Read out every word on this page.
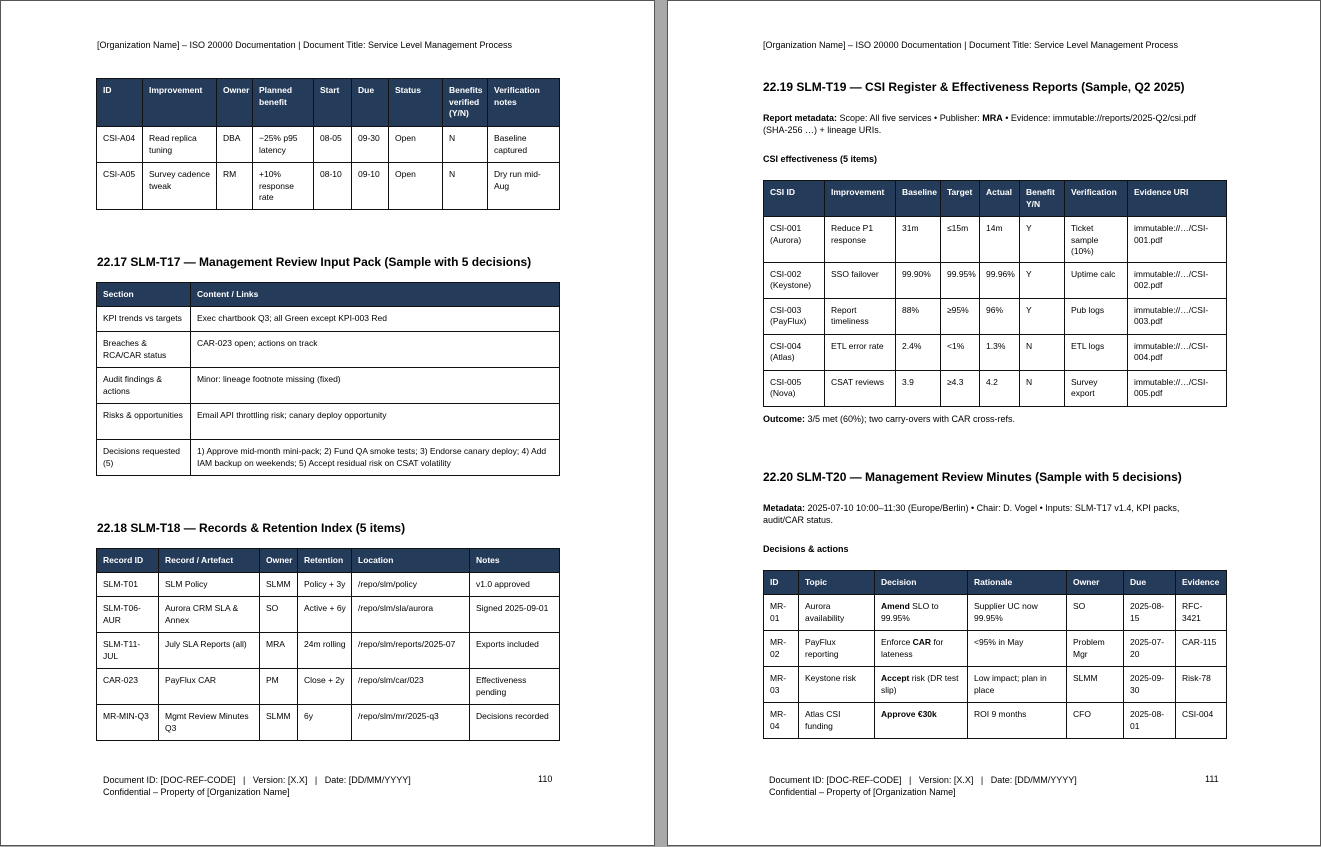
[Organization Name] – ISO 20000 Documentation | Document Title: Service Level Management Process
ID	Improvement	Owner	Planned benefit	Start	Due	Status	Benefits verified (Y/N)	Verification notes
CSI-A04	Read replica tuning	DBA	−25% p95 latency	08-05	09-30	Open	N	Baseline captured
CSI-A05	Survey cadence tweak	RM	+10% response rate	08-10	09-10	Open	N	Dry run mid-Aug
22.17 SLM-T17 — Management Review Input Pack (Sample with 5 decisions)
Section	Content / Links
KPI trends vs targets	Exec chartbook Q3; all Green except KPI-003 Red
Breaches & RCA/CAR status	CAR-023 open; actions on track
Audit findings & actions	Minor: lineage footnote missing (fixed)
Risks & opportunities	Email API throttling risk; canary deploy opportunity
Decisions requested (5)	1) Approve mid-month mini-pack; 2) Fund QA smoke tests; 3) Endorse canary deploy; 4) Add IAM backup on weekends; 5) Accept residual risk on CSAT volatility
22.18 SLM-T18 — Records & Retention Index (5 items)
Record ID	Record / Artefact	Owner	Retention	Location	Notes
SLM-T01	SLM Policy	SLMM	Policy + 3y	/repo/slm/policy	v1.0 approved
SLM-T06-AUR	Aurora CRM SLA & Annex	SO	Active + 6y	/repo/slm/sla/aurora	Signed 2025-09-01
SLM-T11-JUL	July SLA Reports (all)	MRA	24m rolling	/repo/slm/reports/2025-07	Exports included
CAR-023	PayFlux CAR	PM	Close + 2y	/repo/slm/car/023	Effectiveness pending
MR-MIN-Q3	Mgmt Review Minutes Q3	SLMM	6y	/repo/slm/mr/2025-q3	Decisions recorded
Document ID: [DOC-REF-CODE]   |   Version: [X.X]   |   Date: [DD/MM/YYYY]
Confidential – Property of [Organization Name]
110
[Organization Name] – ISO 20000 Documentation | Document Title: Service Level Management Process
22.19 SLM-T19 — CSI Register & Effectiveness Reports (Sample, Q2 2025)
Report metadata: Scope: All five services • Publisher: MRA • Evidence: immutable://reports/2025-Q2/csi.pdf (SHA-256 …) + lineage URIs.
CSI effectiveness (5 items)
CSI ID	Improvement	Baseline	Target	Actual	Benefit Y/N	Verification	Evidence URI
CSI-001 (Aurora)	Reduce P1 response	31m	≤15m	14m	Y	Ticket sample (10%)	immutable://…/CSI-001.pdf
CSI-002 (Keystone)	SSO failover	99.90%	99.95%	99.96%	Y	Uptime calc	immutable://…/CSI-002.pdf
CSI-003 (PayFlux)	Report timeliness	88%	≥95%	96%	Y	Pub logs	immutable://…/CSI-003.pdf
CSI-004 (Atlas)	ETL error rate	2.4%	<1%	1.3%	N	ETL logs	immutable://…/CSI-004.pdf
CSI-005 (Nova)	CSAT reviews	3.9	≥4.3	4.2	N	Survey export	immutable://…/CSI-005.pdf
Outcome: 3/5 met (60%); two carry-overs with CAR cross-refs.
22.20 SLM-T20 — Management Review Minutes (Sample with 5 decisions)
Metadata: 2025-07-10 10:00–11:30 (Europe/Berlin) • Chair: D. Vogel • Inputs: SLM-T17 v1.4, KPI packs, audit/CAR status.
Decisions & actions
ID	Topic	Decision	Rationale	Owner	Due	Evidence
MR-01	Aurora availability	Amend SLO to 99.95%	Supplier UC now 99.95%	SO	2025-08-15	RFC-3421
MR-02	PayFlux reporting	Enforce CAR for lateness	<95% in May	Problem Mgr	2025-07-20	CAR-115
MR-03	Keystone risk	Accept risk (DR test slip)	Low impact; plan in place	SLMM	2025-09-30	Risk-78
MR-04	Atlas CSI funding	Approve €30k	ROI 9 months	CFO	2025-08-01	CSI-004
Document ID: [DOC-REF-CODE]   |   Version: [X.X]   |   Date: [DD/MM/YYYY]
Confidential – Property of [Organization Name]
111
